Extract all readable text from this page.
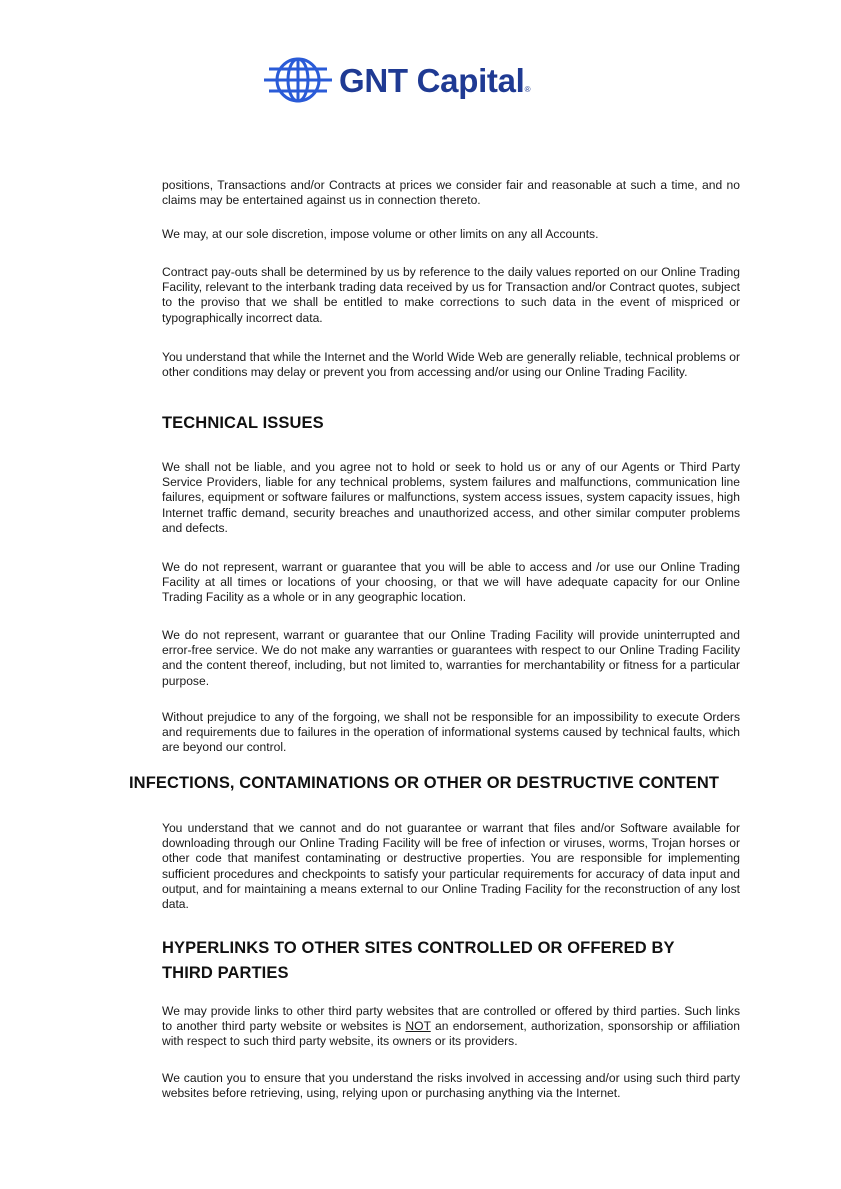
GNT Capital®

positions, Transactions and/or Contracts at prices we consider fair and reasonable at such a time, and no claims may be entertained against us in connection thereto.

We may, at our sole discretion, impose volume or other limits on any all Accounts.

Contract pay-outs shall be determined by us by reference to the daily values reported on our Online Trading Facility, relevant to the interbank trading data received by us for Transaction and/or Contract quotes, subject to the proviso that we shall be entitled to make corrections to such data in the event of mispriced or typographically incorrect data.

You understand that while the Internet and the World Wide Web are generally reliable, technical problems or other conditions may delay or prevent you from accessing and/or using our Online Trading Facility.

TECHNICAL ISSUES

We shall not be liable, and you agree not to hold or seek to hold us or any of our Agents or Third Party Service Providers, liable for any technical problems, system failures and malfunctions, communication line failures, equipment or software failures or malfunctions, system access issues, system capacity issues, high Internet traffic demand, security breaches and unauthorized access, and other similar computer problems and defects.

We do not represent, warrant or guarantee that you will be able to access and /or use our Online Trading Facility at all times or locations of your choosing, or that we will have adequate capacity for our Online Trading Facility as a whole or in any geographic location.

We do not represent, warrant or guarantee that our Online Trading Facility will provide uninterrupted and error-free service. We do not make any warranties or guarantees with respect to our Online Trading Facility and the content thereof, including, but not limited to, warranties for merchantability or fitness for a particular purpose.

Without prejudice to any of the forgoing, we shall not be responsible for an impossibility to execute Orders and requirements due to failures in the operation of informational systems caused by technical faults, which are beyond our control.

INFECTIONS, CONTAMINATIONS OR OTHER OR DESTRUCTIVE CONTENT

You understand that we cannot and do not guarantee or warrant that files and/or Software available for downloading through our Online Trading Facility will be free of infection or viruses, worms, Trojan horses or other code that manifest contaminating or destructive properties. You are responsible for implementing sufficient procedures and checkpoints to satisfy your particular requirements for accuracy of data input and output, and for maintaining a means external to our Online Trading Facility for the reconstruction of any lost data.

HYPERLINKS TO OTHER SITES CONTROLLED OR OFFERED BY THIRD PARTIES

We may provide links to other third party websites that are controlled or offered by third parties. Such links to another third party website or websites is NOT an endorsement, authorization, sponsorship or affiliation with respect to such third party website, its owners or its providers.

We caution you to ensure that you understand the risks involved in accessing and/or using such third party websites before retrieving, using, relying upon or purchasing anything via the Internet.
